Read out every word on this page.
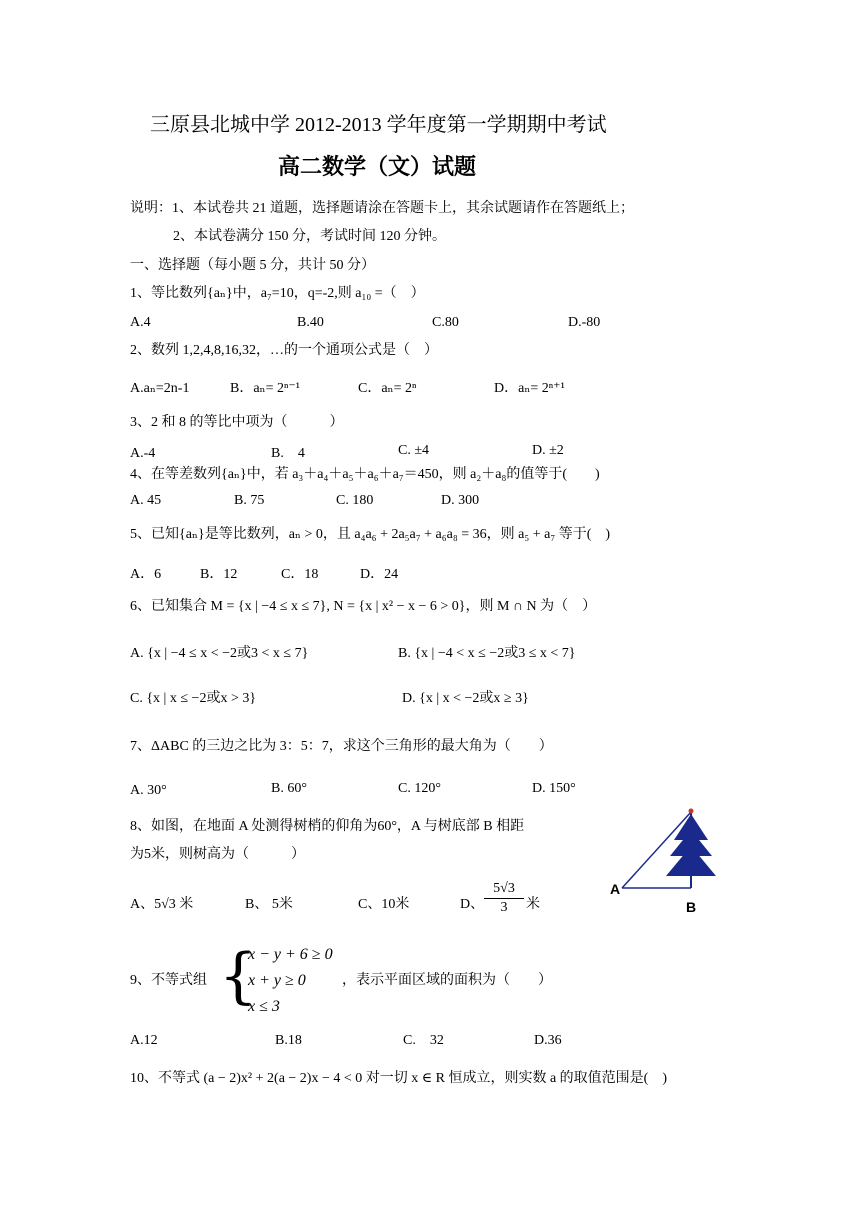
三原县北城中学 2012-2013 学年度第一学期期中考试
高二数学（文）试题
说明：1、本试卷共 21 道题，选择题请涂在答题卡上，其余试题请作在答题纸上；
2、本试卷满分 150 分，考试时间 120 分钟。
一、选择题（每小题 5 分，共计 50 分）
1、等比数列{aₙ}中，a₇=10，q=-2,则 a₁₀ =（　）
A.4	B.40	C.80	D.-80
2、数列 1,2,4,8,16,32，…的一个通项公式是（　）
A.aₙ=2n-1	B．aₙ= 2ⁿ⁻¹	C．aₙ= 2ⁿ	D．aₙ= 2ⁿ⁺¹
3、2 和 8 的等比中项为（　　　）
A.-4	B.　4	C. ±4	D. ±2
4、在等差数列{aₙ}中，若 a₃＋a₄＋a₅＋a₆＋a₇＝450，则 a₂＋a₈的值等于(　　)
A. 45	B. 75	C. 180	D. 300
5、已知{aₙ}是等比数列，aₙ > 0，且 a₄a₆ + 2a₅a₇ + a₆a₈ = 36，则 a₅ + a₇ 等于(　)
A．6	B．12	C．18	D．24
6、已知集合 M = {x | −4 ≤ x ≤ 7}, N = {x | x² − x − 6 > 0}，则 M ∩ N 为（　）
A. {x | −4 ≤ x < −2或3 < x ≤ 7}	B. {x | −4 < x ≤ −2或3 ≤ x < 7}
C. {x | x ≤ −2或x > 3}	D. {x | x < −2或x ≥ 3}
7、ΔABC 的三边之比为 3：5：7，求这个三角形的最大角为（　　）
A. 30°	B. 60°	C. 120°	D. 150°
8、如图，在地面 A 处测得树梢的仰角为60°，A 与树底部 B 相距
为5米，则树高为（　　　）
A、5√3 米	B、 5米	C、10米	D、 $\frac{5√3}{3}$ 米
A
B
9、不等式组 {
x − y + 6 ≥ 0
x + y ≥ 0
x ≤ 3
，表示平面区域的面积为（　　）
A.12	B.18	C.　32	D.36
10、不等式 (a − 2)x² + 2(a − 2)x − 4 < 0 对一切 x ∈ R 恒成立，则实数 a 的取值范围是(　)
